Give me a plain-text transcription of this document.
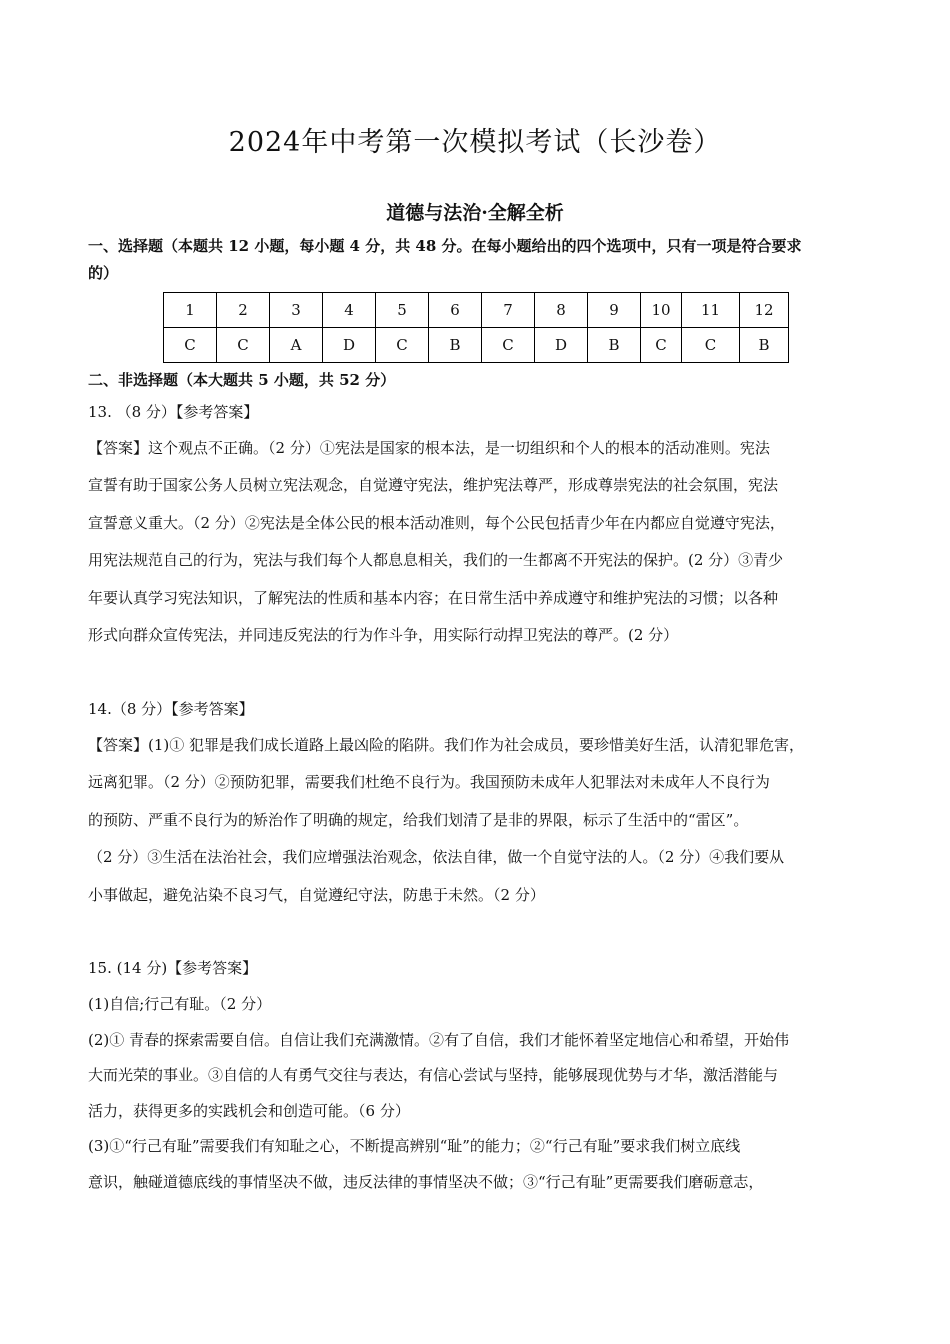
2024年中考第一次模拟考试（长沙卷）
道德与法治·全解全析
一、选择题（本题共 12 小题，每小题 4 分，共 48 分。在每小题给出的四个选项中，只有一项是符合要求
的）
1	2	3	4	5	6	7	8	9	10	11	12
C	C	A	D	C	B	C	D	B	C	C	B
二、非选择题（本大题共 5 小题，共 52 分）
13. （8 分）【参考答案】
【答案】这个观点不正确。（2 分）①宪法是国家的根本法，是一切组织和个人的根本的活动准则。宪法
宣誓有助于国家公务人员树立宪法观念，自觉遵守宪法，维护宪法尊严，形成尊崇宪法的社会氛围，宪法
宣誓意义重大。（2 分）②宪法是全体公民的根本活动准则，每个公民包括青少年在内都应自觉遵守宪法，
用宪法规范自己的行为，宪法与我们每个人都息息相关，我们的一生都离不开宪法的保护。(2 分）③青少
年要认真学习宪法知识，了解宪法的性质和基本内容；在日常生活中养成遵守和维护宪法的习惯；以各种
形式向群众宣传宪法，并同违反宪法的行为作斗争，用实际行动捍卫宪法的尊严。(2 分）
14.（8 分）【参考答案】
【答案】(1)① 犯罪是我们成长道路上最凶险的陷阱。我们作为社会成员，要珍惜美好生活，认清犯罪危害，
远离犯罪。（2 分）②预防犯罪，需要我们杜绝不良行为。我国预防未成年人犯罪法对未成年人不良行为
的预防、严重不良行为的矫治作了明确的规定，给我们划清了是非的界限，标示了生活中的“雷区”。
（2 分）③生活在法治社会，我们应增强法治观念，依法自律，做一个自觉守法的人。（2 分）④我们要从
小事做起，避免沾染不良习气，自觉遵纪守法，防患于未然。（2 分）
15. (14 分)【参考答案】
(1)自信;行己有耻。（2 分）
(2)① 青春的探索需要自信。自信让我们充满激情。②有了自信，我们才能怀着坚定地信心和希望，开始伟
大而光荣的事业。③自信的人有勇气交往与表达，有信心尝试与坚持，能够展现优势与才华，激活潜能与
活力，获得更多的实践机会和创造可能。（6 分）
(3)①“行己有耻”需要我们有知耻之心，不断提高辨别“耻”的能力；②“行己有耻”要求我们树立底线
意识，触碰道德底线的事情坚决不做，违反法律的事情坚决不做；③“行己有耻”更需要我们磨砺意志，
